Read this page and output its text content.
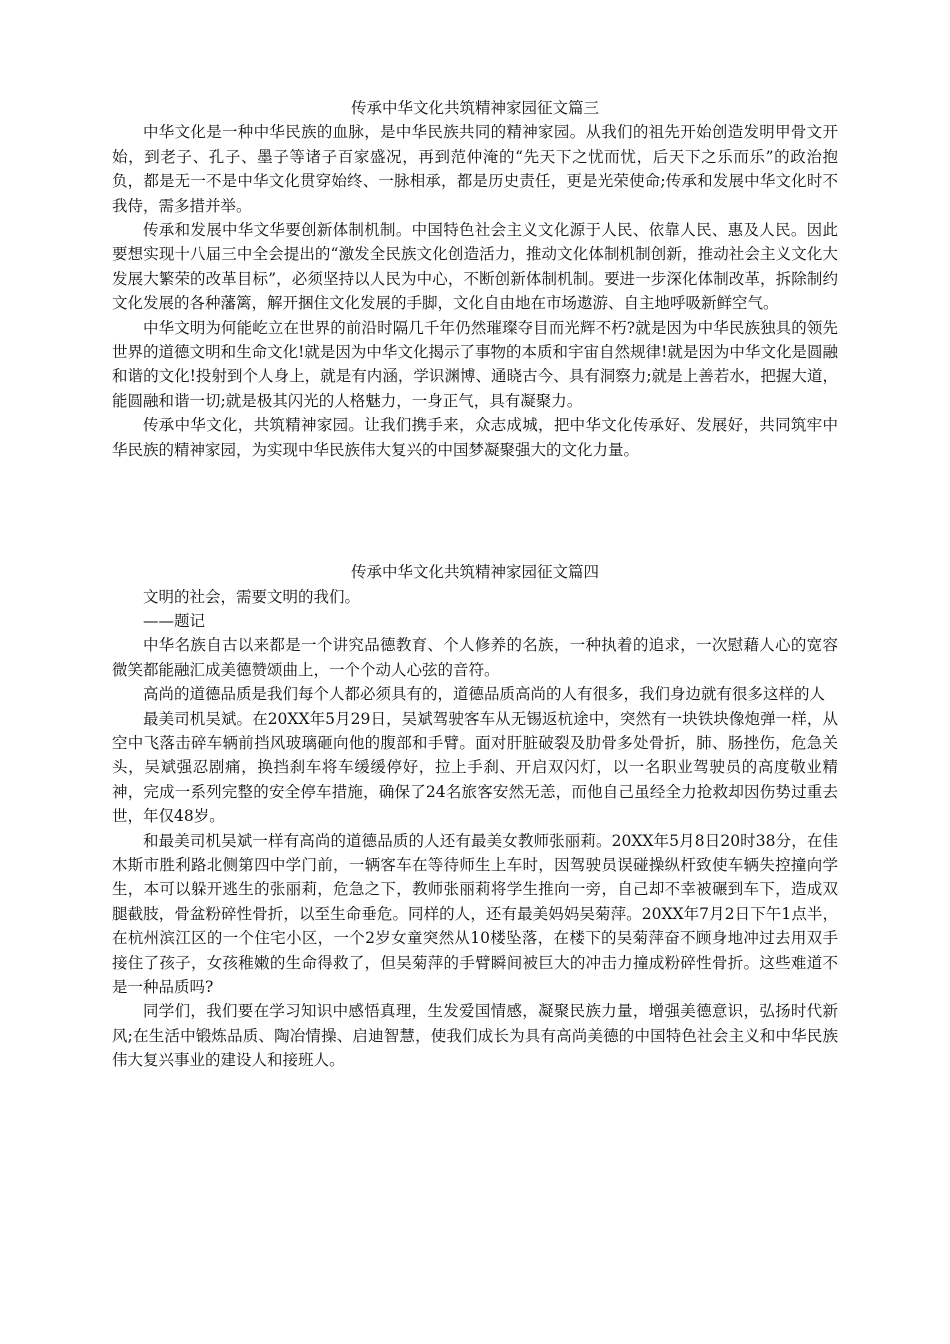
传承中华文化共筑精神家园征文篇三

中华文化是一种中华民族的血脉，是中华民族共同的精神家园。从我们的祖先开始创造发明甲骨文开始，到老子、孔子、墨子等诸子百家盛况，再到范仲淹的“先天下之忧而忧，后天下之乐而乐”的政治抱负，都是无一不是中华文化贯穿始终、一脉相承，都是历史责任，更是光荣使命;传承和发展中华文化时不我侍，需多措并举。

传承和发展中华文华要创新体制机制。中国特色社会主义文化源于人民、依靠人民、惠及人民。因此要想实现十八届三中全会提出的“激发全民族文化创造活力，推动文化体制机制创新，推动社会主义文化大发展大繁荣的改革目标”，必须坚持以人民为中心，不断创新体制机制。要进一步深化体制改革，拆除制约文化发展的各种藩篱，解开捆住文化发展的手脚，文化自由地在市场遨游、自主地呼吸新鲜空气。

中华文明为何能屹立在世界的前沿时隔几千年仍然璀璨夺目而光辉不朽?就是因为中华民族独具的领先世界的道德文明和生命文化!就是因为中华文化揭示了事物的本质和宇宙自然规律!就是因为中华文化是圆融和谐的文化!投射到个人身上，就是有内涵，学识渊博、通晓古今、具有洞察力;就是上善若水，把握大道，能圆融和谐一切;就是极其闪光的人格魅力，一身正气，具有凝聚力。

传承中华文化，共筑精神家园。让我们携手来，众志成城，把中华文化传承好、发展好，共同筑牢中华民族的精神家园，为实现中华民族伟大复兴的中国梦凝聚强大的文化力量。

传承中华文化共筑精神家园征文篇四

文明的社会，需要文明的我们。

——题记

中华名族自古以来都是一个讲究品德教育、个人修养的名族，一种执着的追求，一次慰藉人心的宽容微笑都能融汇成美德赞颂曲上，一个个动人心弦的音符。

高尚的道德品质是我们每个人都必须具有的，道德品质高尚的人有很多，我们身边就有很多这样的人

最美司机吴斌。在20XX年5月29日，吴斌驾驶客车从无锡返杭途中，突然有一块铁块像炮弹一样，从空中飞落击碎车辆前挡风玻璃砸向他的腹部和手臂。面对肝脏破裂及肋骨多处骨折，肺、肠挫伤，危急关头，吴斌强忍剧痛，换挡刹车将车缓缓停好，拉上手刹、开启双闪灯，以一名职业驾驶员的高度敬业精神，完成一系列完整的安全停车措施，确保了24名旅客安然无恙，而他自己虽经全力抢救却因伤势过重去世，年仅48岁。

和最美司机吴斌一样有高尚的道德品质的人还有最美女教师张丽莉。20XX年5月8日20时38分，在佳木斯市胜利路北侧第四中学门前，一辆客车在等待师生上车时，因驾驶员误碰操纵杆致使车辆失控撞向学生，本可以躲开逃生的张丽莉，危急之下，教师张丽莉将学生推向一旁，自己却不幸被碾到车下，造成双腿截肢，骨盆粉碎性骨折，以至生命垂危。同样的人，还有最美妈妈吴菊萍。20XX年7月2日下午1点半，在杭州滨江区的一个住宅小区，一个2岁女童突然从10楼坠落，在楼下的吴菊萍奋不顾身地冲过去用双手接住了孩子，女孩稚嫩的生命得救了，但吴菊萍的手臂瞬间被巨大的冲击力撞成粉碎性骨折。这些难道不是一种品质吗?

同学们，我们要在学习知识中感悟真理，生发爱国情感，凝聚民族力量，增强美德意识，弘扬时代新风;在生活中锻炼品质、陶冶情操、启迪智慧，使我们成长为具有高尚美德的中国特色社会主义和中华民族伟大复兴事业的建设人和接班人。
